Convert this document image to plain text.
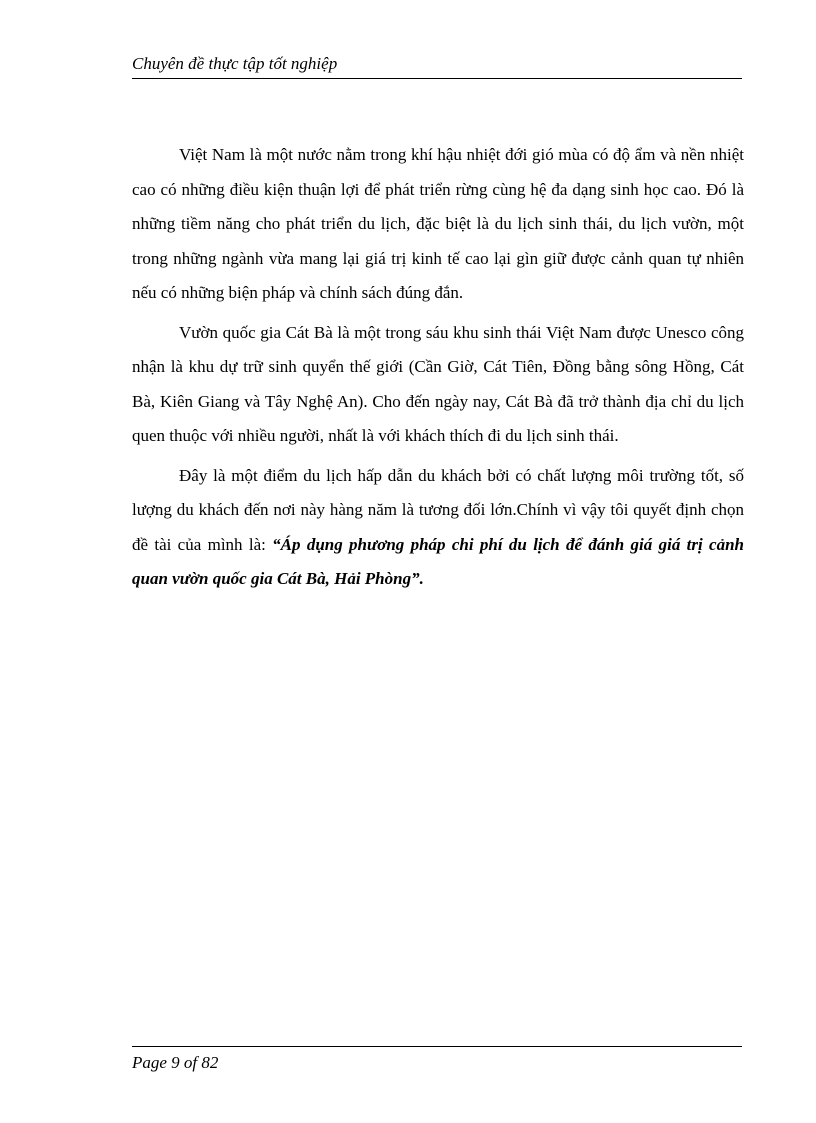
Chuyên đề thực tập tốt nghiệp

Việt Nam là một nước nằm trong khí hậu nhiệt đới gió mùa có độ ẩm và nền nhiệt cao có những điều kiện thuận lợi để phát triển rừng cùng hệ đa dạng sinh học cao. Đó là những tiềm năng cho phát triển du lịch, đặc biệt là du lịch sinh thái, du lịch vườn, một trong những ngành vừa mang lại giá trị kinh tế cao lại gìn giữ được cảnh quan tự nhiên nếu có những biện pháp và chính sách đúng đắn.

Vườn quốc gia Cát Bà là một trong sáu khu sinh thái Việt Nam được Unesco công nhận là khu dự trữ sinh quyển thế giới (Cần Giờ, Cát Tiên, Đồng bằng sông Hồng, Cát Bà, Kiên Giang và Tây Nghệ An). Cho đến ngày nay, Cát Bà đã trở thành địa chỉ du lịch quen thuộc với nhiều người, nhất là với khách thích đi du lịch sinh thái.

Đây là một điểm du lịch hấp dẫn du khách bởi có chất lượng môi trường tốt, số lượng du khách đến nơi này hàng năm là tương đối lớn.Chính vì vậy tôi quyết định chọn đề tài của mình là: “Áp dụng phương pháp chi phí du lịch để đánh giá giá trị cảnh quan vườn quốc gia Cát Bà, Hải Phòng”.

Page 9 of 82
